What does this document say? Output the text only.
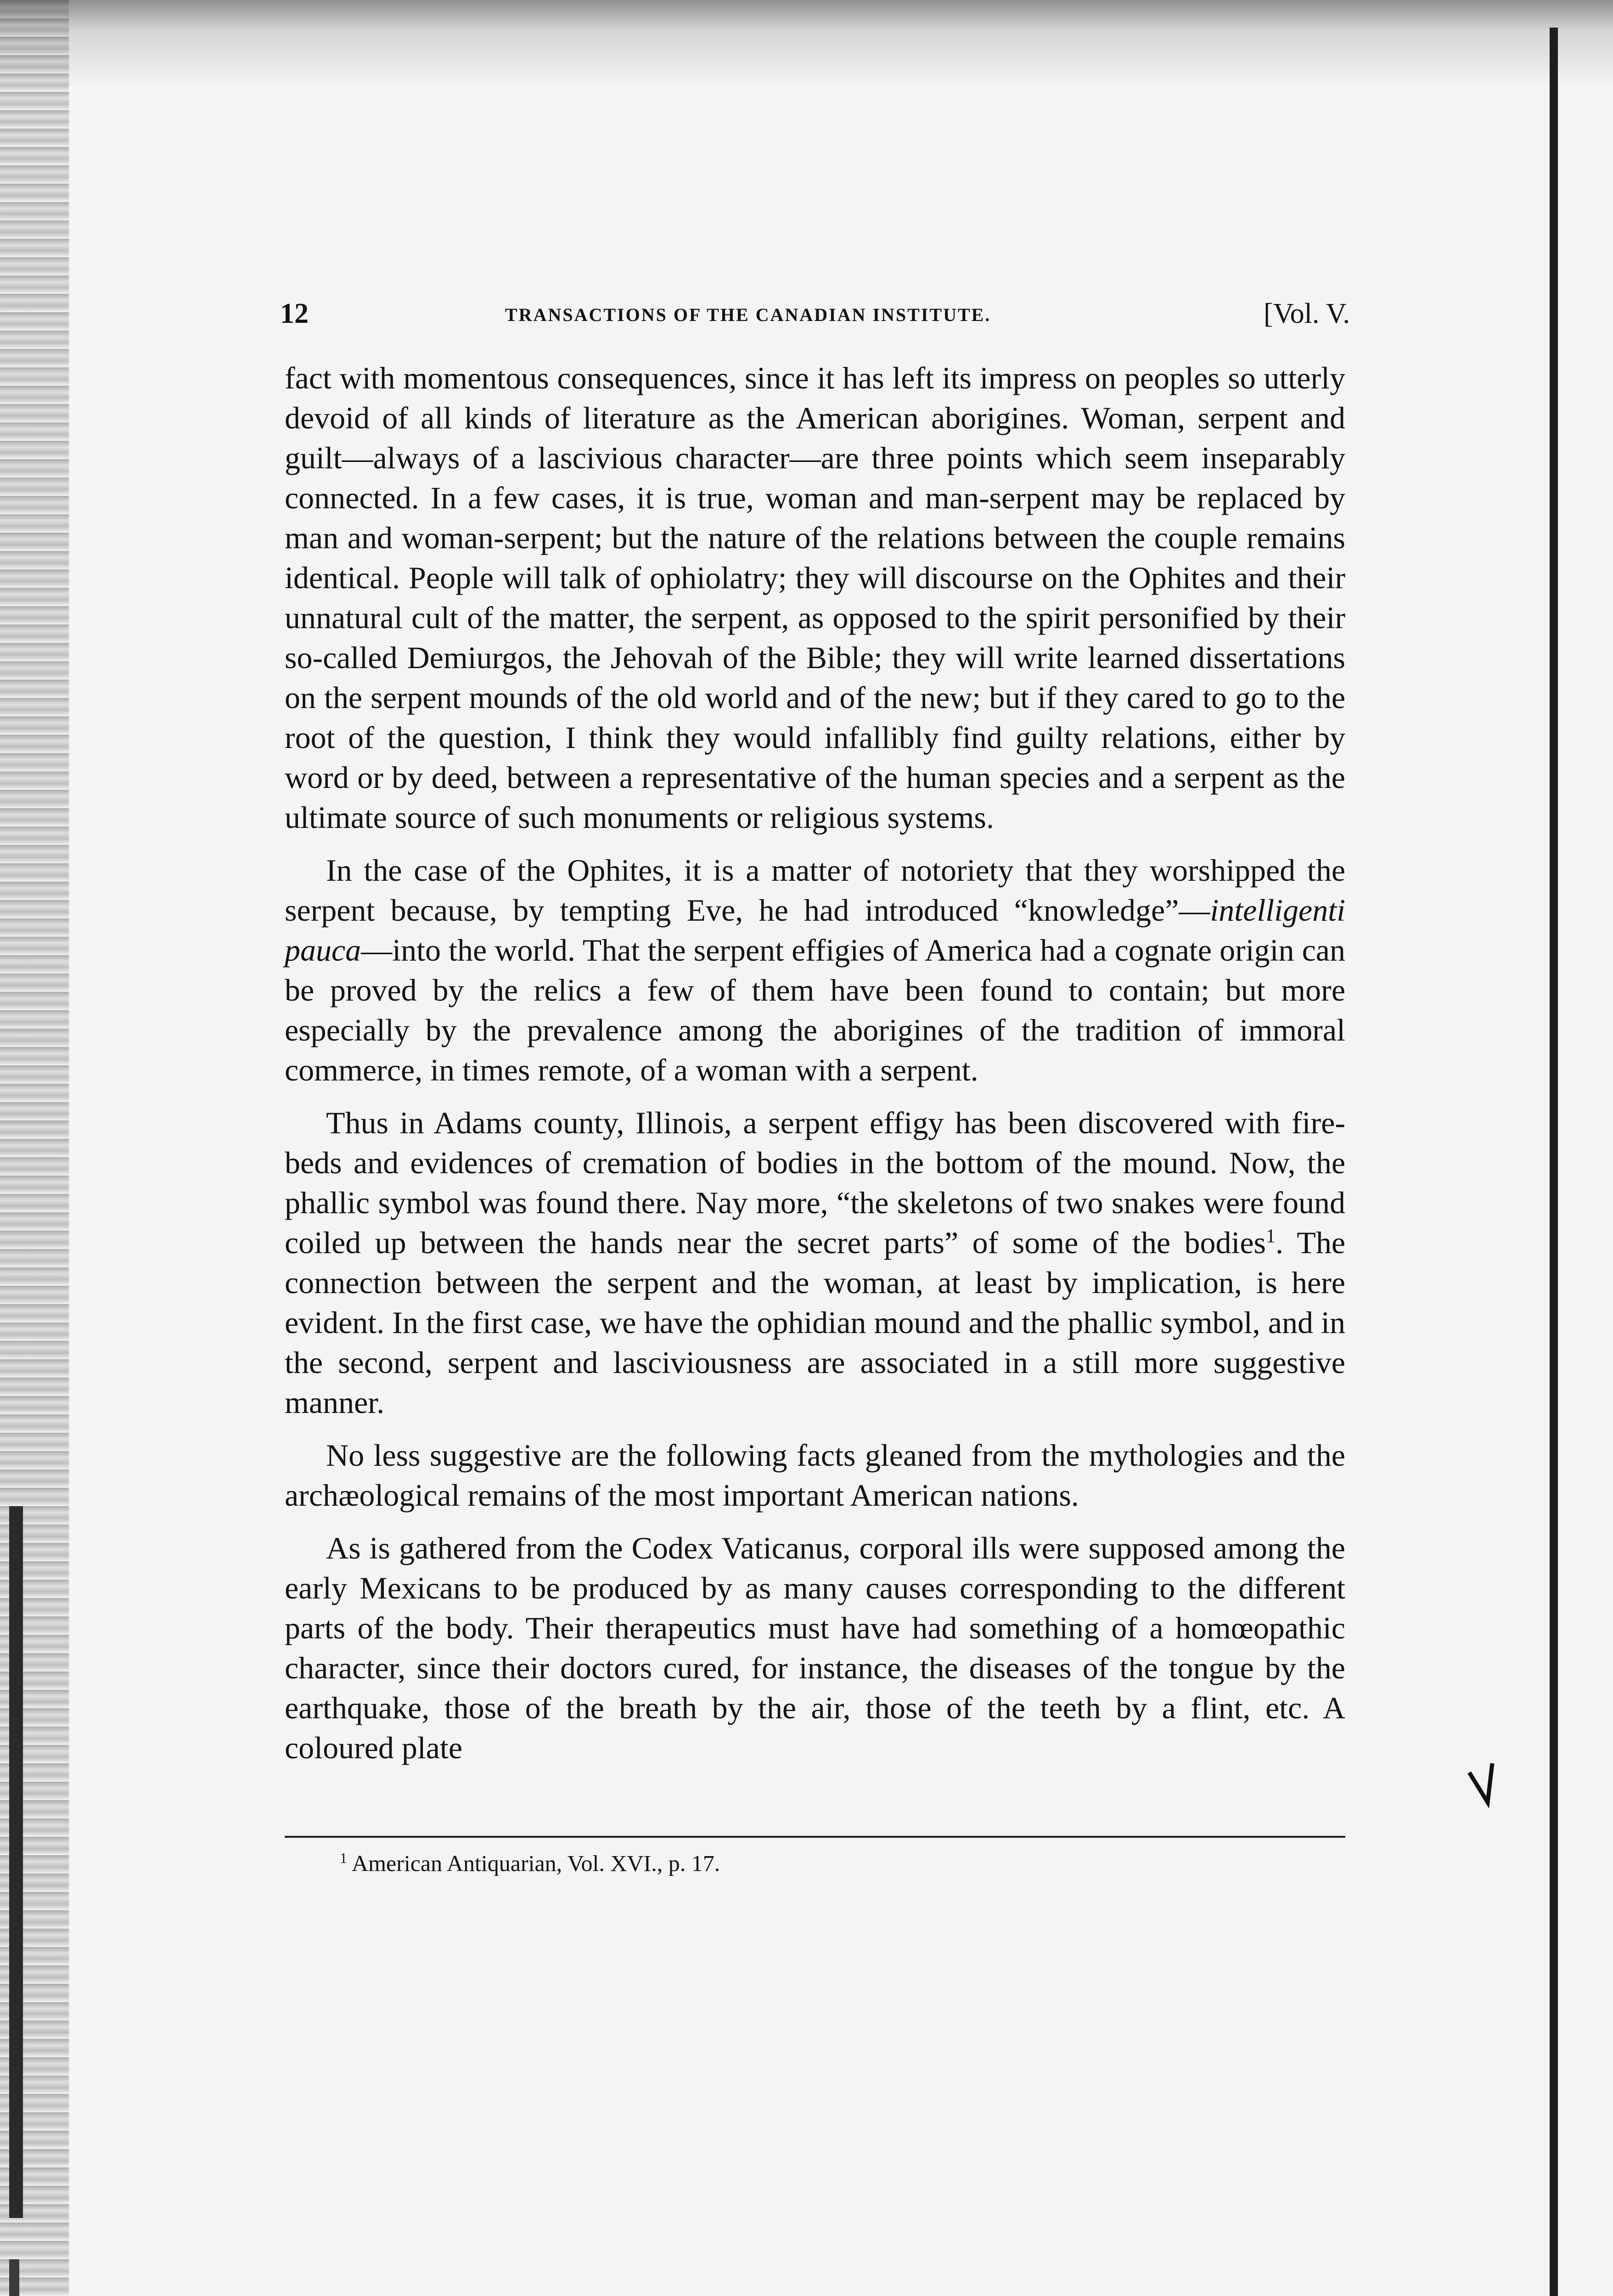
12	TRANSACTIONS OF THE CANADIAN INSTITUTE.	[Vol. V.

fact with momentous consequences, since it has left its impress on peoples so utterly devoid of all kinds of literature as the American aborigines. Woman, serpent and guilt—always of a lascivious character—are three points which seem inseparably connected. In a few cases, it is true, woman and man-serpent may be replaced by man and woman-serpent; but the nature of the relations between the couple remains identical. People will talk of ophiolatry; they will discourse on the Ophites and their unnatural cult of the matter, the serpent, as opposed to the spirit personified by their so-called Demiurgos, the Jehovah of the Bible; they will write learned dissertations on the serpent mounds of the old world and of the new; but if they cared to go to the root of the question, I think they would infallibly find guilty relations, either by word or by deed, between a representative of the human species and a serpent as the ultimate source of such monuments or religious systems.

In the case of the Ophites, it is a matter of notoriety that they worshipped the serpent because, by tempting Eve, he had introduced “knowledge”—intelligenti pauca—into the world. That the serpent effigies of America had a cognate origin can be proved by the relics a few of them have been found to contain; but more especially by the prevalence among the aborigines of the tradition of immoral commerce, in times remote, of a woman with a serpent.

Thus in Adams county, Illinois, a serpent effigy has been discovered with fire-beds and evidences of cremation of bodies in the bottom of the mound. Now, the phallic symbol was found there. Nay more, “the skeletons of two snakes were found coiled up between the hands near the secret parts” of some of the bodies$^1$. The connection between the serpent and the woman, at least by implication, is here evident. In the first case, we have the ophidian mound and the phallic symbol, and in the second, serpent and lasciviousness are associated in a still more suggestive manner.

No less suggestive are the following facts gleaned from the mythologies and the archæological remains of the most important American nations.

As is gathered from the Codex Vaticanus, corporal ills were supposed among the early Mexicans to be produced by as many causes corresponding to the different parts of the body. Their therapeutics must have had something of a homœopathic character, since their doctors cured, for instance, the diseases of the tongue by the earthquake, those of the breath by the air, those of the teeth by a flint, etc. A coloured plate

$^1$ American Antiquarian, Vol. XVI., p. 17.
